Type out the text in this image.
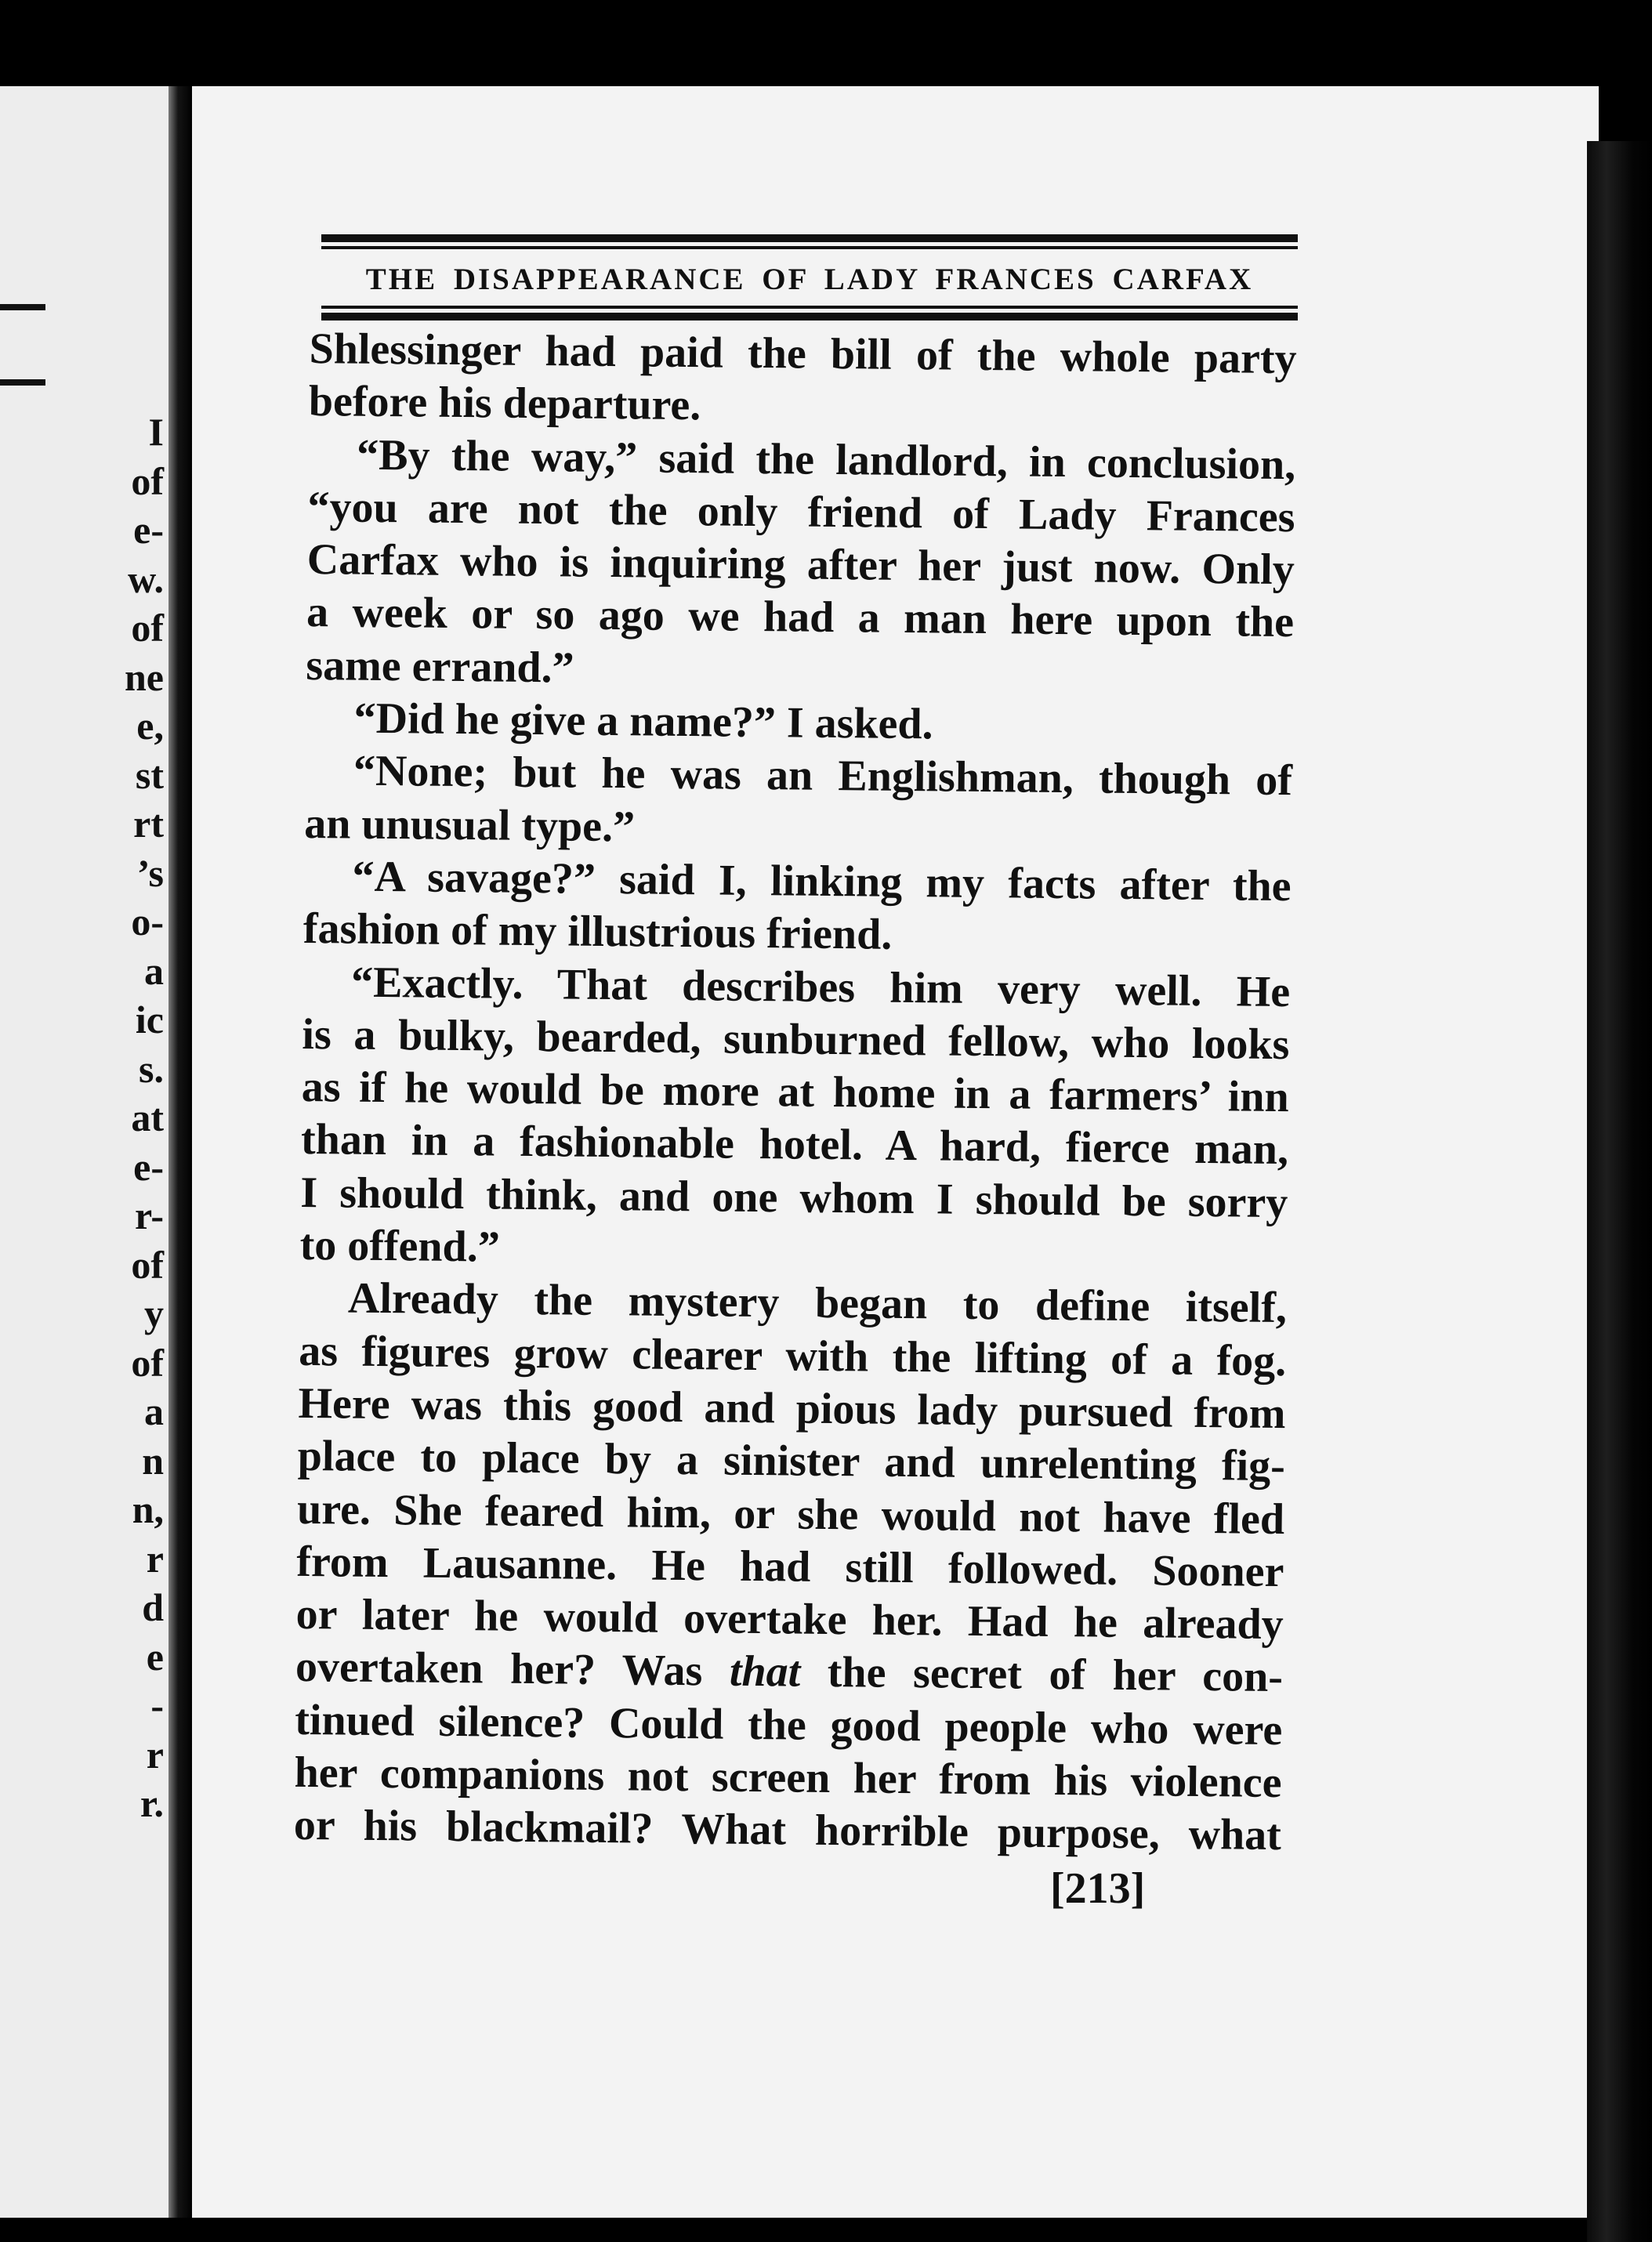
I
of
e-
w.
of
ne
e,
st
rt
’s
o-
a
ic
s.
at
e-
r-
of
y
of
a
n
n,
r
d
e
-
r
r.
THE DISAPPEARANCE OF LADY FRANCES CARFAX
Shlessinger had paid the bill of the whole party
before his departure.
“By the way,” said the landlord, in conclusion,
“you are not the only friend of Lady Frances
Carfax who is inquiring after her just now. Only
a week or so ago we had a man here upon the
same errand.”
“Did he give a name?” I asked.
“None; but he was an Englishman, though of
an unusual type.”
“A savage?” said I, linking my facts after the
fashion of my illustrious friend.
“Exactly. That describes him very well. He
is a bulky, bearded, sunburned fellow, who looks
as if he would be more at home in a farmers’ inn
than in a fashionable hotel. A hard, fierce man,
I should think, and one whom I should be sorry
to offend.”
Already the mystery began to define itself,
as figures grow clearer with the lifting of a fog.
Here was this good and pious lady pursued from
place to place by a sinister and unrelenting fig-
ure. She feared him, or she would not have fled
from Lausanne. He had still followed. Sooner
or later he would overtake her. Had he already
overtaken her? Was that the secret of her con-
tinued silence? Could the good people who were
her companions not screen her from his violence
or his blackmail? What horrible purpose, what
[213]
